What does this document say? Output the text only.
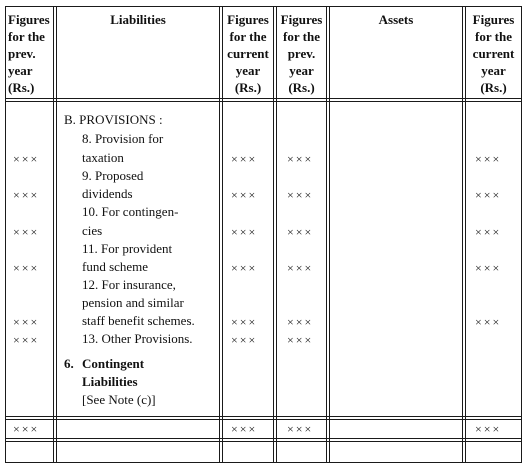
Figures
for the
prev.
year
(Rs.)
Liabilities	Figures
for the
current
year
(Rs.)
Figures
for the
prev.
year
(Rs.)
Assets	Figures
for the
current
year
(Rs.)
B. PROVISIONS :
8. Provision for
taxation
9. Proposed
dividends
10. For contingen-
cies
11. For provident
fund scheme
12. For insurance,
pension and similar
staff benefit schemes.
13. Other Provisions.
6. Contingent
Liabilities
[See Note (c)]
×××
×××
×××
×××
×××
×××
×××
×××
×××
×××
×××
×××
×××
×××
×××
×××
×××
×××
×××
×××
×××
×××
×××
×××
×××
×××
×××
